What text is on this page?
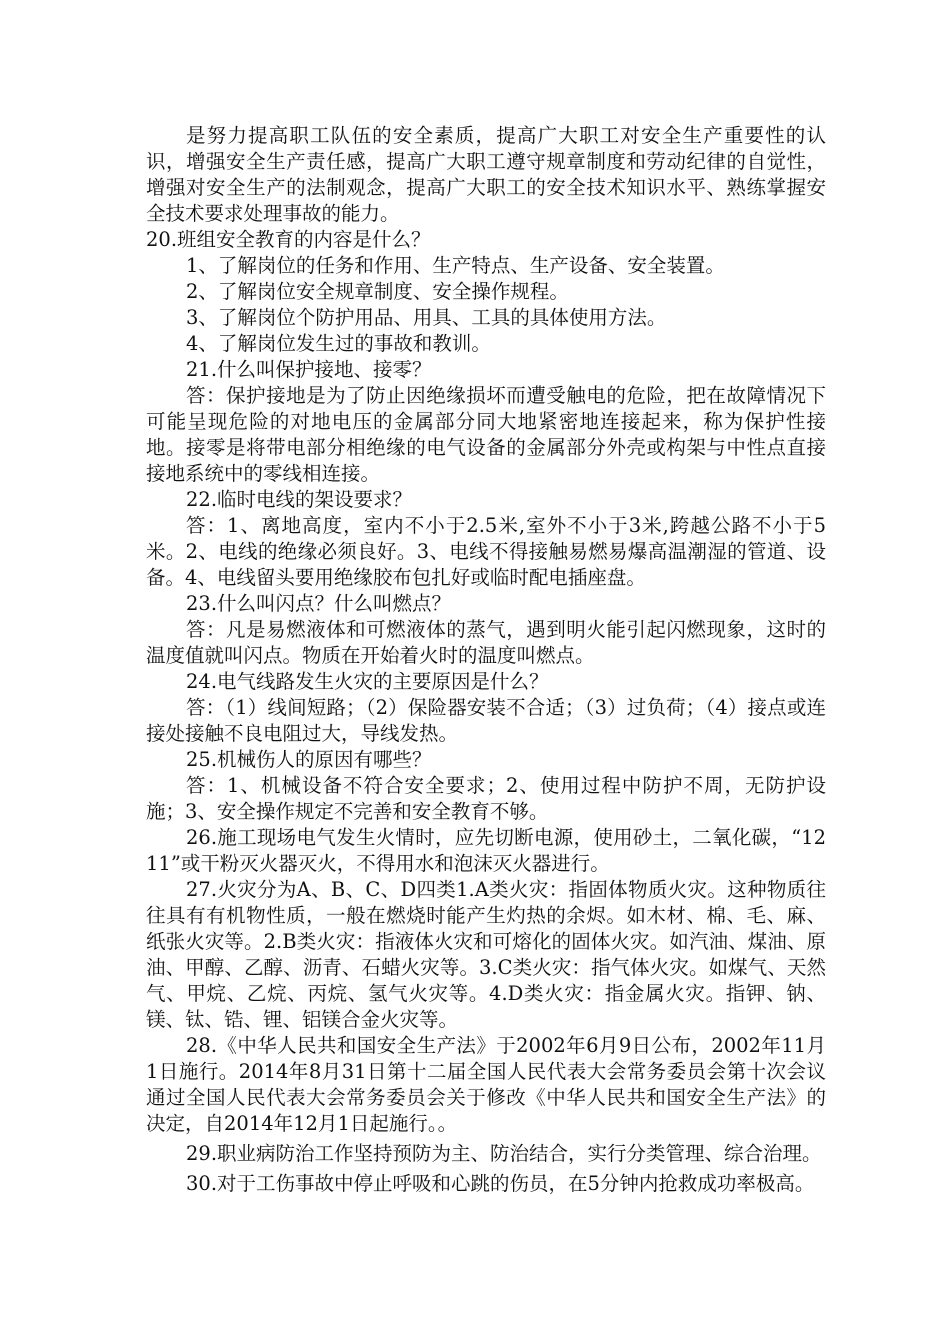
是努力提高职工队伍的安全素质，提高广大职工对安全生产重要性的认识，增强安全生产责任感，提高广大职工遵守规章制度和劳动纪律的自觉性，增强对安全生产的法制观念，提高广大职工的安全技术知识水平、熟练掌握安全技术要求处理事故的能力。

20.班组安全教育的内容是什么？

1、了解岗位的任务和作用、生产特点、生产设备、安全装置。

2、了解岗位安全规章制度、安全操作规程。

3、了解岗位个防护用品、用具、工具的具体使用方法。

4、了解岗位发生过的事故和教训。

21.什么叫保护接地、接零？

答：保护接地是为了防止因绝缘损坏而遭受触电的危险，把在故障情况下可能呈现危险的对地电压的金属部分同大地紧密地连接起来，称为保护性接地。接零是将带电部分相绝缘的电气设备的金属部分外壳或构架与中性点直接接地系统中的零线相连接。

22.临时电线的架设要求？

答：1、离地高度，室内不小于2.5米,室外不小于3米,跨越公路不小于5米。2、电线的绝缘必须良好。3、电线不得接触易燃易爆高温潮湿的管道、设备。4、电线留头要用绝缘胶布包扎好或临时配电插座盘。

23.什么叫闪点？什么叫燃点？

答：凡是易燃液体和可燃液体的蒸气，遇到明火能引起闪燃现象，这时的温度值就叫闪点。物质在开始着火时的温度叫燃点。

24.电气线路发生火灾的主要原因是什么？

答：（1）线间短路；（2）保险器安装不合适；（3）过负荷；（4）接点或连接处接触不良电阻过大，导线发热。

25.机械伤人的原因有哪些？

答：1、机械设备不符合安全要求；2、使用过程中防护不周，无防护设施；3、安全操作规定不完善和安全教育不够。

26.施工现场电气发生火情时，应先切断电源，使用砂土，二氧化碳，“1211”或干粉灭火器灭火，不得用水和泡沫灭火器进行。

27.火灾分为A、B、C、D四类1.A类火灾：指固体物质火灾。这种物质往往具有有机物性质，一般在燃烧时能产生灼热的余烬。如木材、棉、毛、麻、纸张火灾等。2.B类火灾：指液体火灾和可熔化的固体火灾。如汽油、煤油、原油、甲醇、乙醇、沥青、石蜡火灾等。3.C类火灾：指气体火灾。如煤气、天然气、甲烷、乙烷、丙烷、氢气火灾等。4.D类火灾：指金属火灾。指钾、钠、镁、钛、锆、锂、铝镁合金火灾等。

28.《中华人民共和国安全生产法》于2002年6月9日公布，2002年11月1日施行。2014年8月31日第十二届全国人民代表大会常务委员会第十次会议通过全国人民代表大会常务委员会关于修改《中华人民共和国安全生产法》的决定，自2014年12月1日起施行。。

29.职业病防治工作坚持预防为主、防治结合，实行分类管理、综合治理。

30.对于工伤事故中停止呼吸和心跳的伤员，在5分钟内抢救成功率极高。
